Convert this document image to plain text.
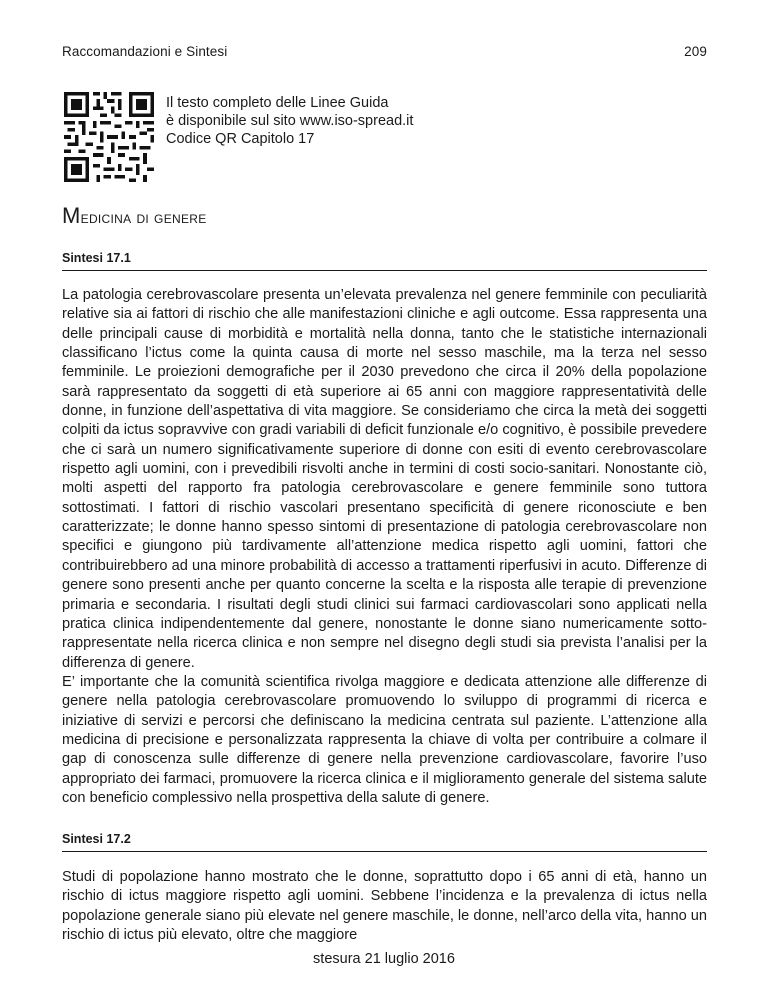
Raccomandazioni e Sintesi	209
Il testo completo delle Linee Guida
è disponibile sul sito www.iso-spread.it
Codice QR Capitolo 17
Medicina di genere
Sintesi 17.1

La patologia cerebrovascolare presenta un’elevata prevalenza nel genere femminile con peculiarità relative sia ai fattori di rischio che alle manifestazioni cliniche e agli outcome. Essa rappresenta una delle principali cause di morbidità e mortalità nella donna, tanto che le statistiche internazionali classificano l’ictus come la quinta causa di morte nel sesso maschile, ma la terza nel sesso femminile. Le proiezioni demografiche per il 2030 prevedono che circa il 20% della popolazione sarà rappresentato da soggetti di età superiore ai 65 anni con maggiore rappresentatività delle donne, in funzione dell’aspettativa di vita maggiore. Se consideriamo che circa la metà dei soggetti colpiti da ictus sopravvive con gradi variabili di deficit funzionale e/o cognitivo, è possibile prevedere che ci sarà un numero significativamente superiore di donne con esiti di evento cerebrovascolare rispetto agli uomini, con i prevedibili risvolti anche in termini di costi socio-sanitari. Nonostante ciò, molti aspetti del rapporto fra patologia cerebrovascolare e genere femminile sono tuttora sottostimati. I fattori di rischio vascolari presentano specificità di genere riconosciute e ben caratterizzate; le donne hanno spesso sintomi di presentazione di patologia cerebrovascolare non specifici e giungono più tardivamente all’attenzione medica rispetto agli uomini, fattori che contribuirebbero ad una minore probabilità di accesso a trattamenti riperfusivi in acuto. Differenze di genere sono presenti anche per quanto concerne la scelta e la risposta alle terapie di prevenzione primaria e secondaria. I risultati degli studi clinici sui farmaci cardiovascolari sono applicati nella pratica clinica indipendentemente dal genere, nonostante le donne siano numericamente sotto-rappresentate nella ricerca clinica e non sempre nel disegno degli studi sia prevista l’analisi per la differenza di genere.

E’ importante che la comunità scientifica rivolga maggiore e dedicata attenzione alle differenze di genere nella patologia cerebrovascolare promuovendo lo sviluppo di programmi di ricerca e iniziative di servizi e percorsi che definiscano la medicina centrata sul paziente. L’attenzione alla medicina di precisione e personalizzata rappresenta la chiave di volta per contribuire a colmare il gap di conoscenza sulle differenze di genere nella prevenzione cardiovascolare, favorire l’uso appropriato dei farmaci, promuovere la ricerca clinica e il miglioramento generale del sistema salute con beneficio complessivo nella prospettiva della salute di genere.

Sintesi 17.2

Studi di popolazione hanno mostrato che le donne, soprattutto dopo i 65 anni di età, hanno un rischio di ictus maggiore rispetto agli uomini. Sebbene l’incidenza e la prevalenza di ictus nella popolazione generale siano più elevate nel genere maschile, le donne, nell’arco della vita, hanno un rischio di ictus più elevato, oltre che maggiore

stesura 21 luglio 2016
